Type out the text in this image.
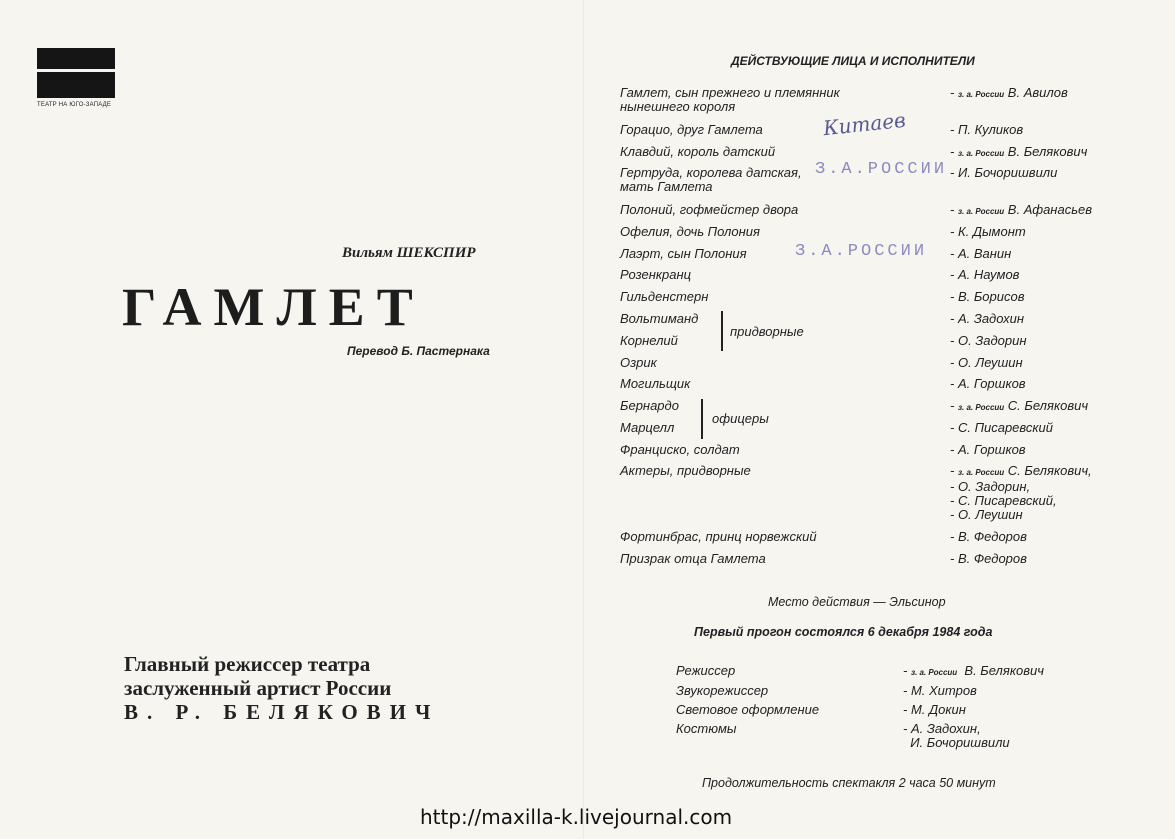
ТЕАТР НА ЮГО-ЗАПАДЕ
Вильям ШЕКСПИР
ГАМЛЕТ
Перевод Б. Пастернака
Главный режиссер театра
заслуженный артист России
В. Р. БЕЛЯКОВИЧ
ДЕЙСТВУЮЩИЕ ЛИЦА И ИСПОЛНИТЕЛИ
Гамлет, сын прежнего и племянник
нынешнего короля
- з. а. России В. Авилов
Горацио, друг Гамлета	- П. Куликов
Клавдий, король датский	- з. а. России В. Белякович
Гертруда, королева датская,
мать Гамлета
- И. Бочоришвили
Полоний, гофмейстер двора	- з. а. России В. Афанасьев
Офелия, дочь Полония	- К. Дымонт
Лаэрт, сын Полония	- А. Ванин
Розенкранц	- А. Наумов
Гильденстерн	- В. Борисов
Вольтиманд	- А. Задохин
Корнелий	- О. Задорин
Озрик	- О. Леушин
Могильщик	- А. Горшков
Бернардо	- з. а. России С. Белякович
Марцелл	- С. Писаревский
Франциско, солдат	- А. Горшков
Актеры, придворные	- з. а. России С. Белякович,
- О. Задорин,
- С. Писаревский,
- О. Леушин
Фортинбрас, принц норвежский	- В. Федоров
Призрак отца Гамлета	- В. Федоров
придворные
офицеры
Китаев
З.А.РОССИИ
З.А.РОССИИ
Место действия — Эльсинор
Первый прогон состоялся 6 декабря 1984 года
Режиссер	- з. а. России В. Белякович
Звукорежиссер	- М. Хитров
Световое оформление	- М. Докин
Костюмы	- А. Задохин,
И. Бочоришвили
Продолжительность спектакля 2 часа 50 минут
http://maxilla-k.livejournal.com
